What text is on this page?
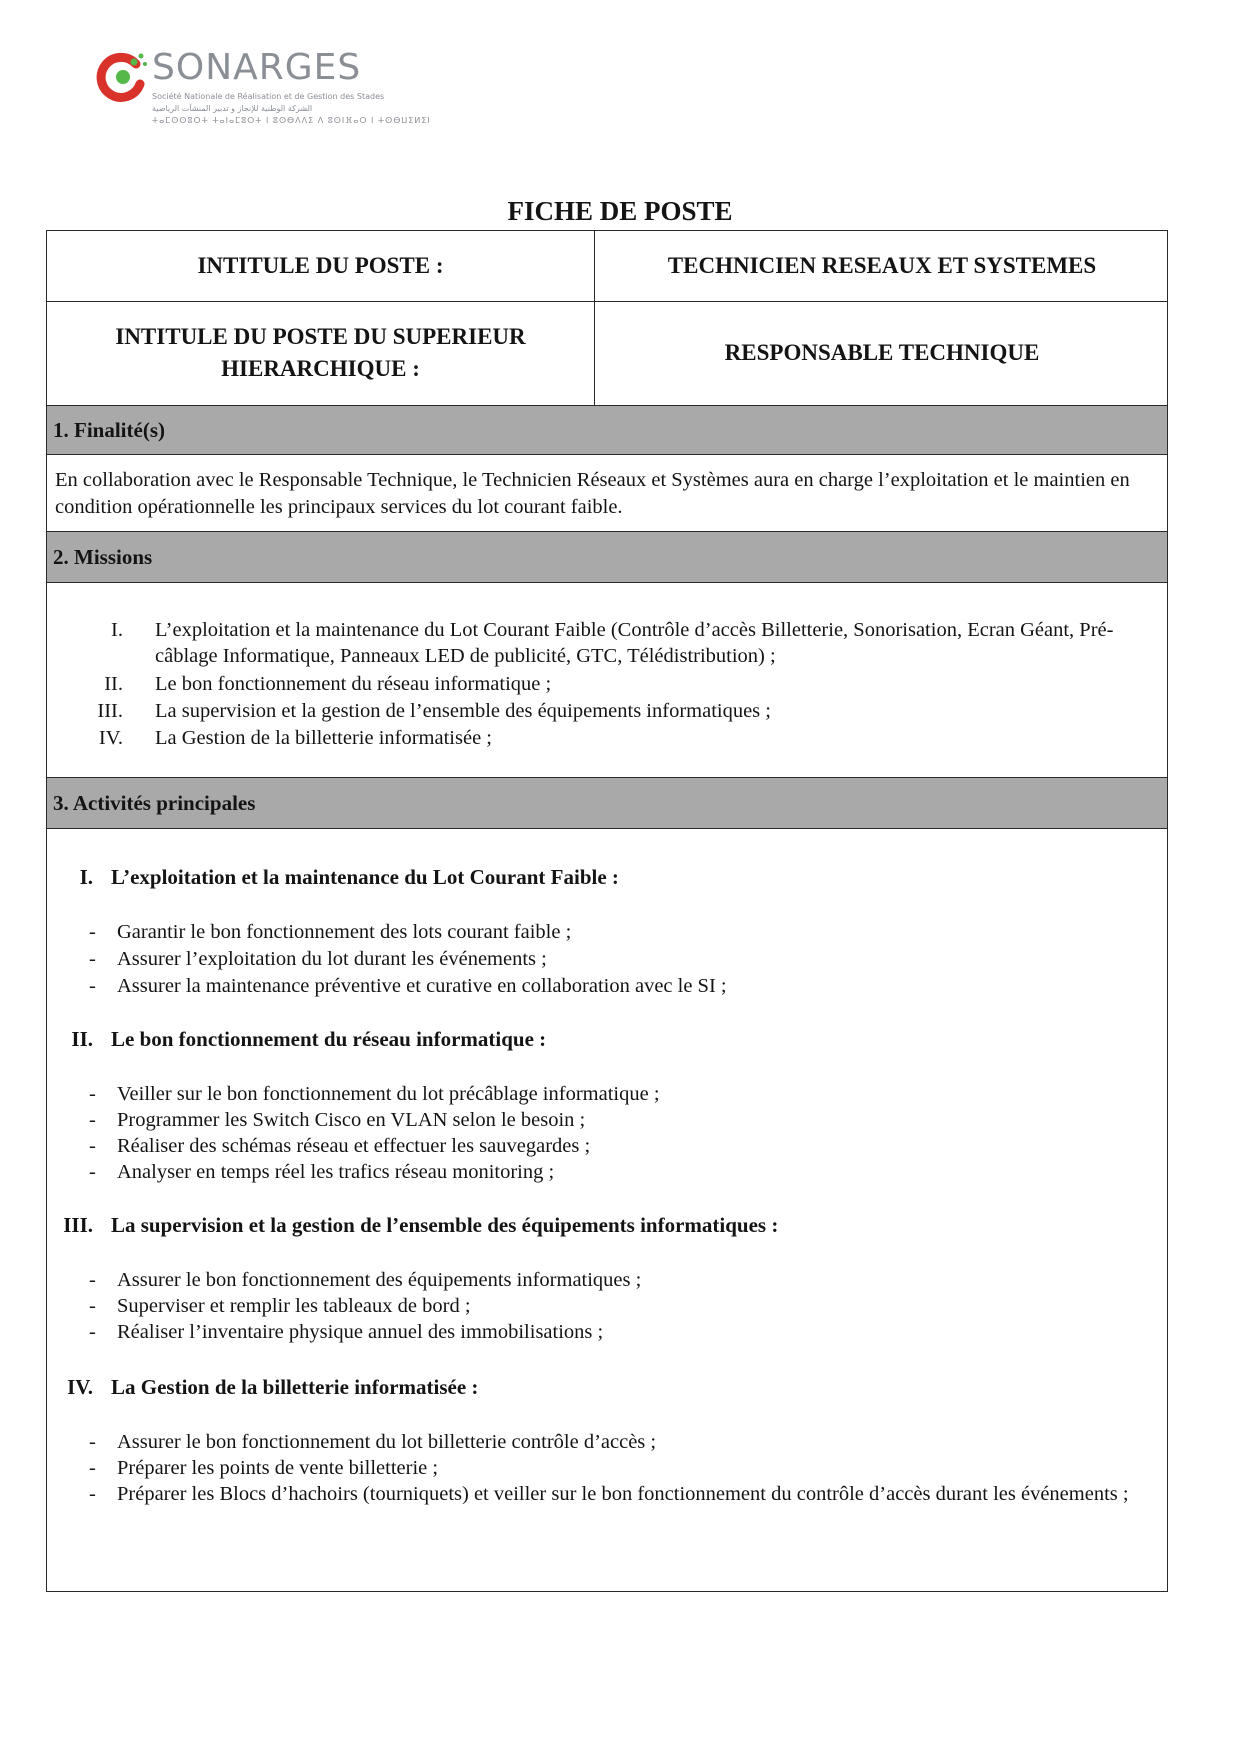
SONARGES
Société Nationale de Réalisation et de Gestion des Stades
الشركة الوطنية للإنجاز و تدبير المنشآت الرياضية
ⵜⴰⵎⵙⵙⵓⵔⵜ ⵜⴰⵏⴰⵎⵓⵔⵜ ⵏ ⵓⵙⴱⴷⴷⵉ ⴷ ⵓⵙⵏⴼⴰⵔ ⵏ ⵜⵙⴱⵡⵉⵍⵉⵏ
FICHE DE POSTE
INTITULE DU POSTE :	TECHNICIEN RESEAUX ET SYSTEMES
INTITULE DU POSTE DU SUPERIEUR
HIERARCHIQUE :
RESPONSABLE TECHNIQUE
1. Finalité(s)
En collaboration avec le Responsable Technique, le Technicien Réseaux et Systèmes aura en charge l’exploitation et le maintien en condition opérationnelle les principaux services du lot courant faible.
2. Missions
I. L’exploitation et la maintenance du Lot Courant Faible (Contrôle d’accès Billetterie, Sonorisation, Ecran Géant, Pré-câblage Informatique, Panneaux LED de publicité, GTC, Télédistribution) ;
II. Le bon fonctionnement du réseau informatique ;
III. La supervision et la gestion de l’ensemble des équipements informatiques ;
IV. La Gestion de la billetterie informatisée ;
3. Activités principales
I. L’exploitation et la maintenance du Lot Courant Faible :
- Garantir le bon fonctionnement des lots courant faible ;
- Assurer l’exploitation du lot durant les événements ;
- Assurer la maintenance préventive et curative en collaboration avec le SI ;
II. Le bon fonctionnement du réseau informatique :
- Veiller sur le bon fonctionnement du lot précâblage informatique ;
- Programmer les Switch Cisco en VLAN selon le besoin ;
- Réaliser des schémas réseau et effectuer les sauvegardes ;
- Analyser en temps réel les trafics réseau monitoring ;
III. La supervision et la gestion de l’ensemble des équipements informatiques :
- Assurer le bon fonctionnement des équipements informatiques ;
- Superviser et remplir les tableaux de bord ;
- Réaliser l’inventaire physique annuel des immobilisations ;
IV. La Gestion de la billetterie informatisée :
- Assurer le bon fonctionnement du lot billetterie contrôle d’accès ;
- Préparer les points de vente billetterie ;
- Préparer les Blocs d’hachoirs (tourniquets) et veiller sur le bon fonctionnement du contrôle d’accès durant les événements ;
